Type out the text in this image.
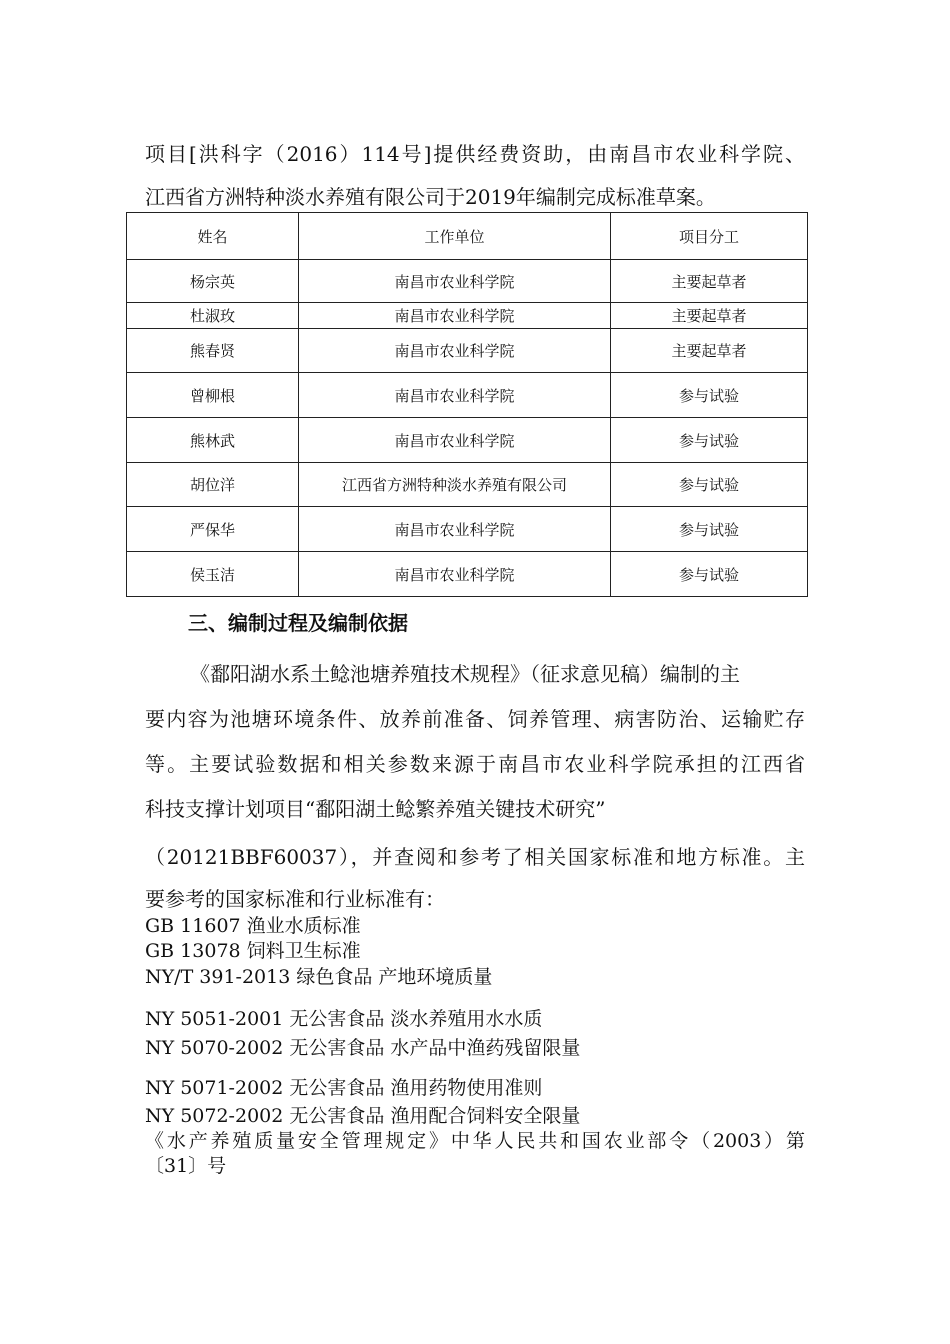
项目[洪科字（2016）114号]提供经费资助，由南昌市农业科学院、
江西省方洲特种淡水养殖有限公司于2019年编制完成标准草案。
姓名	工作单位	项目分工
杨宗英	南昌市农业科学院	主要起草者
杜淑玫	南昌市农业科学院	主要起草者
熊春贤	南昌市农业科学院	主要起草者
曾柳根	南昌市农业科学院	参与试验
熊林武	南昌市农业科学院	参与试验
胡位洋	江西省方洲特种淡水养殖有限公司	参与试验
严保华	南昌市农业科学院	参与试验
侯玉洁	南昌市农业科学院	参与试验
三、编制过程及编制依据
《鄱阳湖水系土鲶池塘养殖技术规程》（征求意见稿）编制的主
要内容为池塘环境条件、放养前准备、饲养管理、病害防治、运输贮存
等。主要试验数据和相关参数来源于南昌市农业科学院承担的江西省
科技支撑计划项目“鄱阳湖土鲶繁养殖关键技术研究”
（20121BBF60037），并查阅和参考了相关国家标准和地方标准。主
要参考的国家标准和行业标准有：
GB 11607 渔业水质标准
GB 13078 饲料卫生标准
NY/T 391-2013 绿色食品 产地环境质量
NY 5051-2001 无公害食品 淡水养殖用水水质
NY 5070-2002 无公害食品 水产品中渔药残留限量
NY 5071-2002 无公害食品 渔用药物使用准则
NY 5072-2002 无公害食品 渔用配合饲料安全限量
《水产养殖质量安全管理规定》中华人民共和国农业部令（2003）第
〔31〕号
